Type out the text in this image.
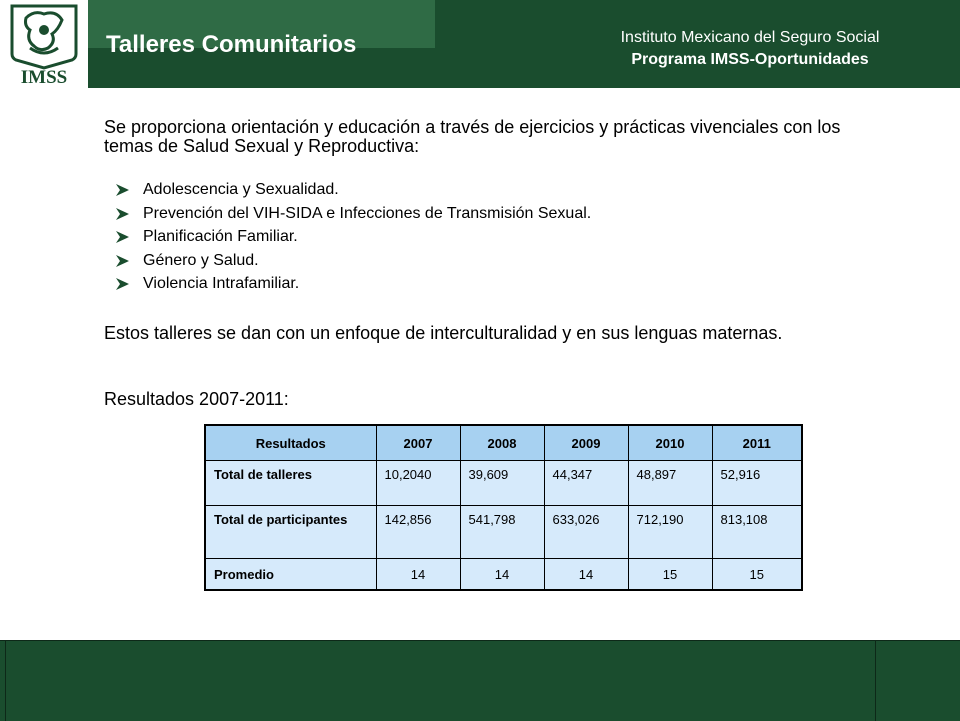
IMSS
Talleres Comunitarios	Instituto Mexicano del Seguro Social
Programa IMSS-Oportunidades
Se proporciona orientación y educación a través de ejercicios y prácticas vivenciales con los temas de Salud Sexual y Reproductiva:
Adolescencia y Sexualidad.
Prevención del VIH-SIDA e Infecciones de Transmisión Sexual.
Planificación Familiar.
Género y Salud.
Violencia Intrafamiliar.
Estos talleres se dan con un enfoque de interculturalidad y en sus lenguas maternas.
Resultados 2007-2011:
Resultados	2007	2008	2009	2010	2011
Total de talleres	10,2040	39,609	44,347	48,897	52,916
Total de participantes	142,856	541,798	633,026	712,190	813,108
Promedio	14	14	14	15	15
